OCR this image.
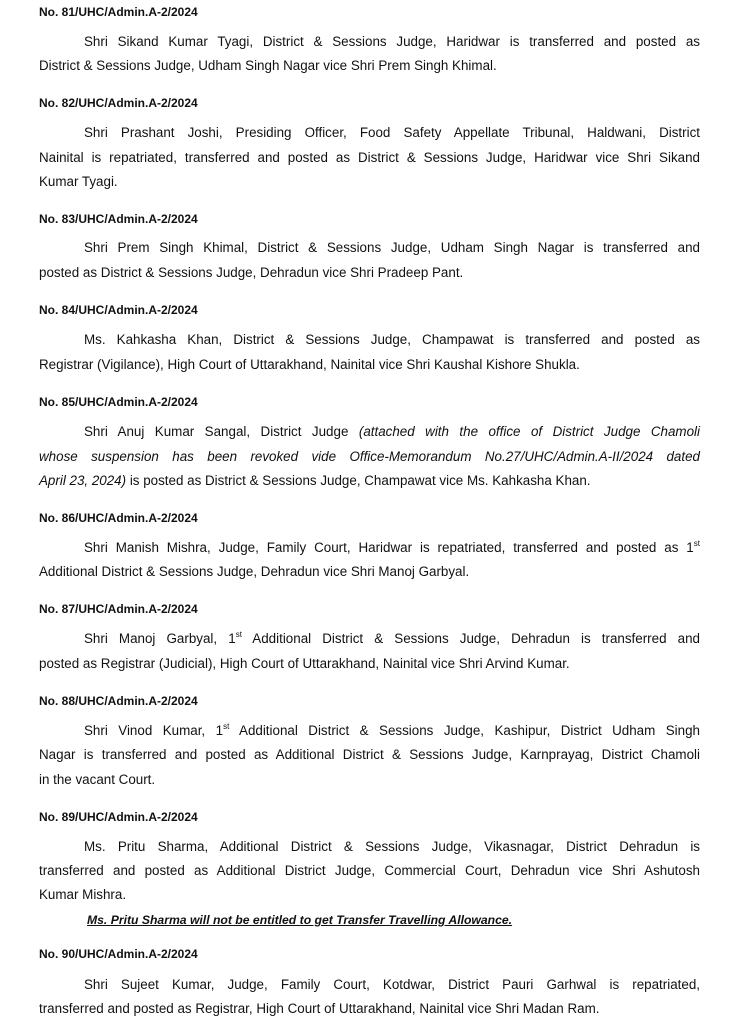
No. 81/UHC/Admin.A-2/2024
Shri Sikand Kumar Tyagi, District & Sessions Judge, Haridwar is transferred and posted as
District & Sessions Judge, Udham Singh Nagar vice Shri Prem Singh Khimal.
No. 82/UHC/Admin.A-2/2024
Shri Prashant Joshi, Presiding Officer, Food Safety Appellate Tribunal, Haldwani, District
Nainital is repatriated, transferred and posted as District & Sessions Judge, Haridwar vice Shri Sikand
Kumar Tyagi.
No. 83/UHC/Admin.A-2/2024
Shri Prem Singh Khimal, District & Sessions Judge, Udham Singh Nagar is transferred and
posted as District & Sessions Judge, Dehradun vice Shri Pradeep Pant.
No. 84/UHC/Admin.A-2/2024
Ms. Kahkasha Khan, District & Sessions Judge, Champawat is transferred and posted as
Registrar (Vigilance), High Court of Uttarakhand, Nainital vice Shri Kaushal Kishore Shukla.
No. 85/UHC/Admin.A-2/2024
Shri Anuj Kumar Sangal, District Judge (attached with the office of District Judge Chamoli
whose suspension has been revoked vide Office-Memorandum No.27/UHC/Admin.A-II/2024 dated
April 23, 2024) is posted as District & Sessions Judge, Champawat vice Ms. Kahkasha Khan.
No. 86/UHC/Admin.A-2/2024
Shri Manish Mishra, Judge, Family Court, Haridwar is repatriated, transferred and posted as 1st
Additional District & Sessions Judge, Dehradun vice Shri Manoj Garbyal.
No. 87/UHC/Admin.A-2/2024
Shri Manoj Garbyal, 1st Additional District & Sessions Judge, Dehradun is transferred and
posted as Registrar (Judicial), High Court of Uttarakhand, Nainital vice Shri Arvind Kumar.
No. 88/UHC/Admin.A-2/2024
Shri Vinod Kumar, 1st Additional District & Sessions Judge, Kashipur, District Udham Singh
Nagar is transferred and posted as Additional District & Sessions Judge, Karnprayag, District Chamoli
in the vacant Court.
No. 89/UHC/Admin.A-2/2024
Ms. Pritu Sharma, Additional District & Sessions Judge, Vikasnagar, District Dehradun is
transferred and posted as Additional District Judge, Commercial Court, Dehradun vice Shri Ashutosh
Kumar Mishra.
Ms. Pritu Sharma will not be entitled to get Transfer Travelling Allowance.
No. 90/UHC/Admin.A-2/2024
Shri Sujeet Kumar, Judge, Family Court, Kotdwar, District Pauri Garhwal is repatriated,
transferred and posted as Registrar, High Court of Uttarakhand, Nainital vice Shri Madan Ram.
